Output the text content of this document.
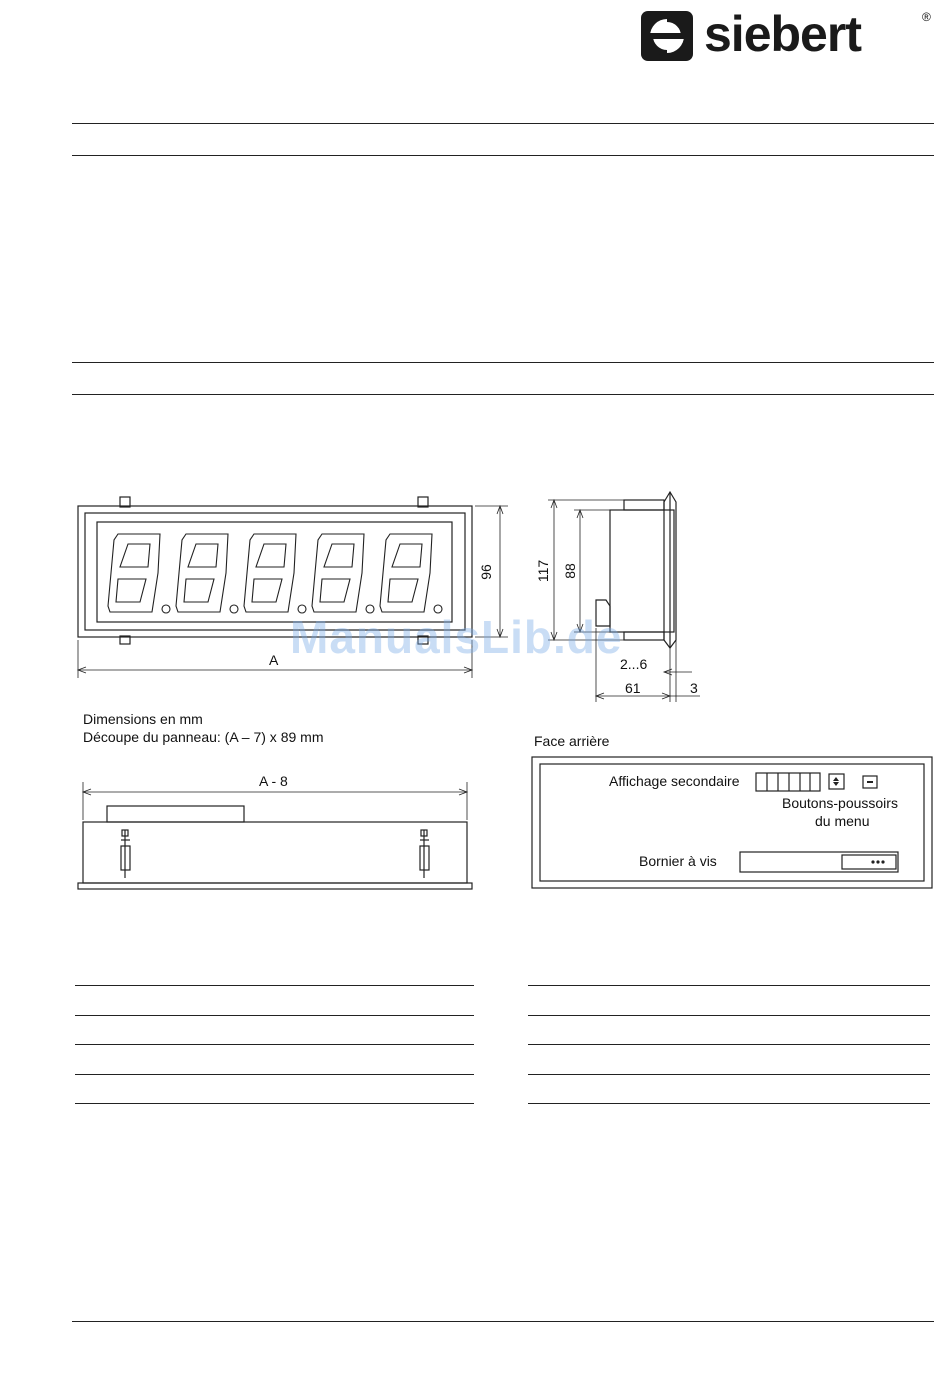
siebert	®
A
96	117 88
2...6
61	3
ManualsLib.de
Dimensions en mm
Découpe du panneau: (A – 7) x 89 mm
A - 8
Face arrière
Affichage secondaire
Boutons-poussoirs
du menu
Bornier à vis
